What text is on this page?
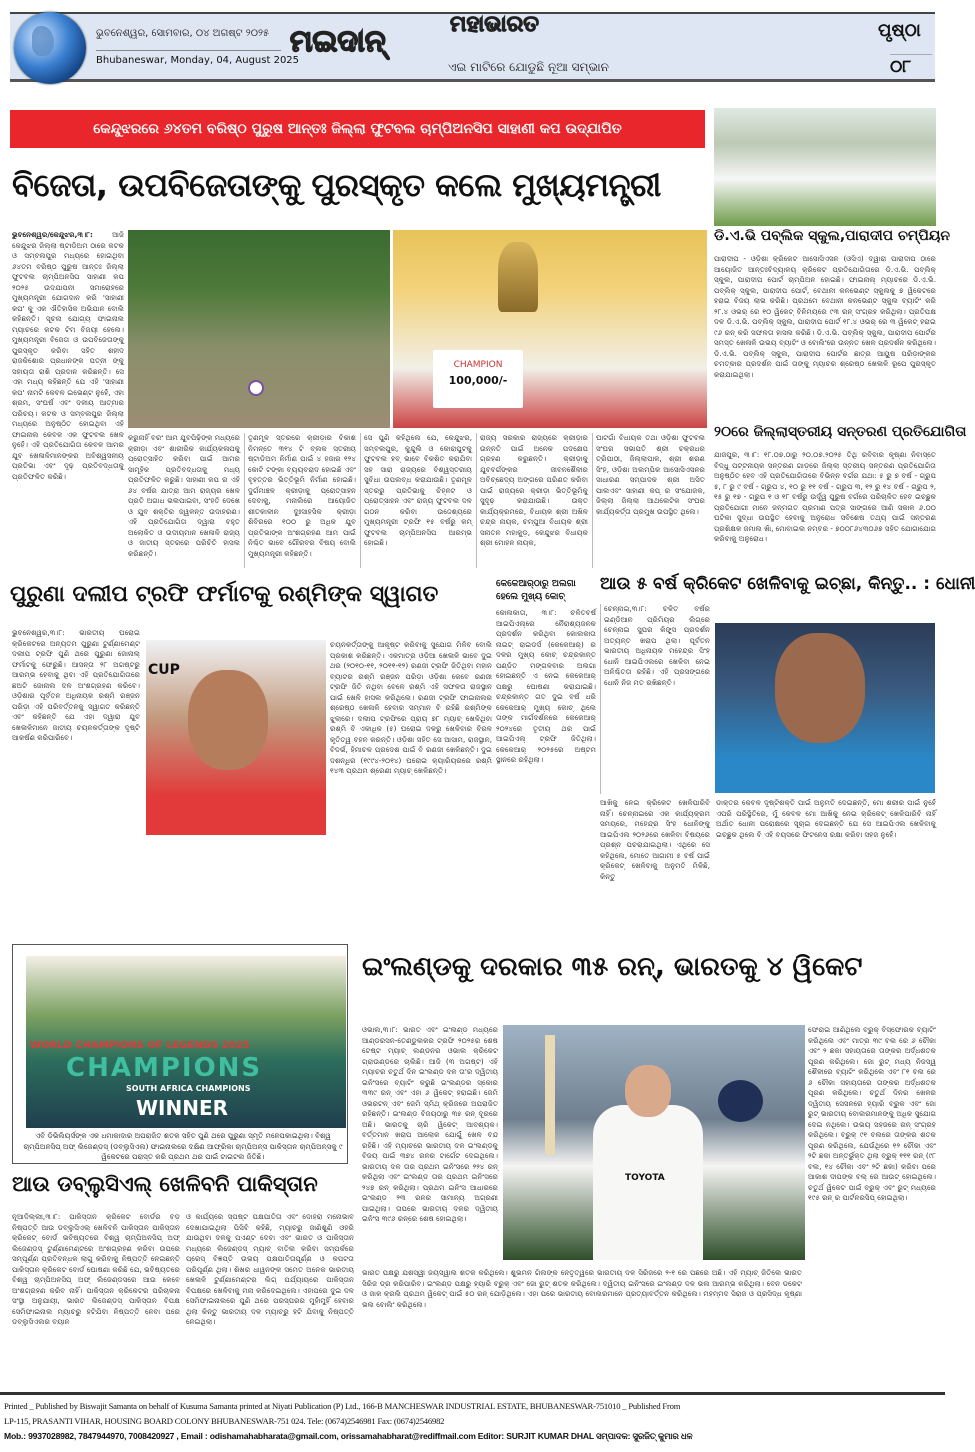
ଭୁବନେଶ୍ୱର, ସୋମବାର, ୦୪ ଅଗଷ୍ଟ ୨୦୨୫
Bhubaneswar, Monday, 04, August 2025
ମଇଦାନ୍	ମହାଭାରତ
ଏଇ ମାଟିରେ ଯୋଡୁଛି ନୂଆ ସମ୍ଭାନ
ପୃଷ୍ଠା
୦୮
କେନ୍ଦୁଝରରେ ୬୪ତମ ବରିଷ୍ଠ ପୁରୁଷ ଆନ୍ତଃ ଜିଲ୍ଲା ଫୁଟବଲ ଚାମ୍ପିଅନସିପ ସାହାଣୀ କପ ଉଦ୍‌ଯାପିତ
ବିଜେତା, ଉପବିଜେତାଙ୍କୁ ପୁରସ୍କୃତ କଲେ ମୁଖ୍ୟମନ୍ତ୍ରୀ
ଭୁବନେଶ୍ୱର/କେନ୍ଦୁଝର,୩।୮:	ଆଜି କେନ୍ଦୁଝର ଜିଲ୍ଲା ଷ୍ଟାଡିଅମ ଠାରେ କଟକ ଓ ସମ୍ବଲପୁର ମଧ୍ୟରେ ହୋଇଥିବା ୬୪ତମ ବରିଷ୍ଠ ପୁରୁଷ ଆନ୍ତଃ ଜିଲ୍ଲା ଫୁଟବଲ ଚାମ୍ପିଅନସିପ ସାହାଣୀ କପ ୨୦୨୫ ଉଦଯାପନୀ ସମାରୋହରେ ମୁଖ୍ୟମନ୍ତ୍ରୀ ଯୋଗଦାନ କରି 'ସାହାଣୀ କପ' କୁ ଏକ ଐତିହାସିକ ଅଭିଯାନ ବୋଲି କହିଛନ୍ତି। ସୂଚନା ଯୋଗ୍ୟ ଫାଇନାଲ ମ୍ୟାଚରେ କଟକ ଟିମ ବିଜୟୀ ହେଲେ। ମୁଖ୍ୟମନ୍ତ୍ରୀ ବିଜେତା ଓ ଉପବିଜେତାଙ୍କୁ ପୁରସ୍କୃତ କରିବା ସହିତ ଶହୀଦ ରାଜକିଶୋର ପ୍ରଧାନଙ୍କ ପତ୍ନୀ ଙ୍କୁ ସହାୟତା ରାଶି ପ୍ରଦାନ କରିଛନ୍ତି। ସେ ଏହା ମଧ୍ୟ କହିଛନ୍ତି ଯେ ଏହି 'ସାହାଣୀ କପ' ନାମଟି କେବଳ ଇଭେଣ୍ଟ ନୁହେଁ, ଏହା ଶ୍ରମ, ସଂଘର୍ଷ ଏବଂ ଦଳୀୟ ଆତ୍ମାର ପରିଚୟ। କଟକ ଓ ସମ୍ବଲପୁର ଜିଲ୍ଲା ମଧ୍ୟରେ ଅନୁଷ୍ଠିତ ହୋଇଥିବା ଏହି ଫାଇନାଲ କେବଳ ଏକ ଫୁଟବଲ ଖେଳ ନୁହେଁ। ଏହି ପ୍ରତିଯୋଗିତା କେବଳ ଆମର ଯୁବ ଖେଳାଳିମାନଙ୍କର ଅବିଶ୍ୱସନୀୟ ପ୍ରତିଭା ଏବଂ ଦୃଢ଼ ପ୍ରତିବଦ୍ଧତାକୁ ପ୍ରତିଫଳିତ କରିଛି।
CHAMPION
100,000/-
କରୁନାହିଁ ବରଂ ଆମ ଯୁବପିଢ଼ିଙ୍କ ମଧ୍ୟରେ କ୍ରୀଡ଼ା ଏବଂ ଶାରୀରିକ କାର୍ଯ୍ୟକଳାପକୁ ପ୍ରୋତ୍ସାହିତ କରିବା ପାଇଁ ଆମର ସାମୂହିକ ପ୍ରତିବଦ୍ଧତାକୁ ମଧ୍ୟ ପ୍ରତିଫଳିତ କରୁଛି। ସାହାଣୀ କପ ର ଏହି ୬୪ ବର୍ଷର ଯାତ୍ରା ଆମ ରାଜ୍ୟର ଖେଳ ପ୍ରତି ଅଗାଧ ଭଲପାଇବା, ସଂହତି ଦେଖେ ଓ ଯୁବ ଶକ୍ତିର ଜ୍ୱଳନ୍ତ ଉଦାହରଣ। ଏହି ପ୍ରତିଯୋଗିତା ଦ୍ୱାରା ବହୁତ ଅଲୋକିତ ଓ ଉଦୀୟମାନ ଖେଳାଳି ରାଜ୍ୟ ଓ ଜାତୀୟ ସ୍ତରରେ ପରିଚିତି ହାସଲ କରିଛନ୍ତି।
ତୃଣମୂଳ ସ୍ତରରେ କ୍ରୀଡ଼ାର ବିକାଶ ନିମନ୍ତେ ୩୧୪ ଟି ବ୍ଲକ ସ୍ତରୀୟ ଷ୍ଟାଡିଅମ ନିର୍ମାଣ ପାଇଁ ୪ ହଜାର ୧୨୪ କୋଟି ଟଙ୍କା ବ୍ୟୟବରାଦ ହୋଇଛି ଏବଂ ବୃହତ୍ତର ଭିତ୍ତିଭୂମି ନିର୍ମାଣ ହୋଇଛି। ଦୁର୍ଗମାଞ୍ଚଳ କ୍ରୀଡ଼ାକୁ ପ୍ରୋତ୍ସାହନ ଦେବାକୁ, ମନାଲିରେ ଆୟୋଜିତ ଶୀତକାଳୀନ ଦୁଃସାହସିକ କ୍ରୀଡ଼ା ଶିବିରରେ ୧୦୦ ରୁ ଅଧିକ ଯୁବ ପ୍ରତିଭାଙ୍କ ଅଂଶଗ୍ରହଣ ଆମ ପାଇଁ ନିଶ୍ଚିତ ଭାବେ ଗୌରବର ବିଷୟ ବୋଲି ମୁଖ୍ୟମନ୍ତ୍ରୀ କହିଛନ୍ତି।
ସେ ପୁଣି କହିଥିଲେ ଯେ, କେନ୍ଦୁଝର, ସମ୍ବଲପୁର, କୁନ୍ଦୁଲି ଓ କୋରାପୁଟକୁ ଫୁଟବଲ ହବ୍ ଭାବେ ବିକଶିତ କରାଯିବା ସହ ସାରା ରାଜ୍ୟରେ ବିଶ୍ୱସ୍ତରୀୟ ସୁବିଧା ଉପଲବ୍ଧ କରାଯାଉଛି। ତୃଣମୂଳ ସ୍ତରରୁ ପ୍ରତିଭାକୁ ଚିହ୍ନଟ ଓ ପ୍ରୋତ୍ସାହନ ଏବଂ ରାଜ୍ୟ ଫୁଟବଲ ଦଳ ଗଠନ କରିବା ଉଦ୍ଦେଶ୍ୟରେ ମୁଖ୍ୟମନ୍ତ୍ରୀ ଟ୍ରଫି ୧୫ ବର୍ଷରୁ କମ୍ ଫୁଟବଲ ଚାମ୍ପିଅନସିପ ଆରମ୍ଭ ହୋଇଛି।
ରାଜ୍ୟ ସରକାର ରାଜ୍ୟରେ କ୍ରୀଡ଼ାର ଉନ୍ନତି ପାଇଁ ଅନେକ ପଦକ୍ଷେପ ଗ୍ରହଣ କରୁଛନ୍ତି। କ୍ରୀଡ଼ାକୁ ଯୁବବର୍ଗଙ୍କର ଜୀବନଶୈଳୀର ଅବିଚ୍ଛେଦ୍ୟ ଅଙ୍ଗରେ ପରିଣତ କରିବା ପାଇଁ ରାଜ୍ୟରେ କ୍ରୀଡ଼ା ଭିତ୍ତିଭୂମିକୁ ସୁଦୃଢ଼ କରାଯାଉଛି। ଉକ୍ତ କାର୍ଯ୍ୟକ୍ରମରେ, ବିଧାୟକ ଶ୍ରୀ ଅଖିଳ ଚନ୍ଦ୍ର ନାୟକ, ଚମ୍ପୁଆ ବିଧାୟକ ଶ୍ରୀ ସନାତନ ମହାକୁଡ଼, କେନ୍ଦୁଝର ବିଧାୟକ ଶ୍ରୀ ମୋହନ ନାୟକ,
ଘାଟଗାଁ ବିଧାୟକ ତଥା ଓଡ଼ିଶା ଫୁଟବଲ ସଂଘର ସଭାପତି ଶ୍ରୀ ଚକ୍ରଧର ତ୍ରିପାଠୀ, ଜିଲ୍ଲାପାଳ, ଶ୍ରୀ ଶରଣ ସିଂହ, ଓଡ଼ିଶା ଅଲମ୍ପିକ ଆସୋସିଏସନର ସାଧାରଣ ସମ୍ପାଦକ ଶ୍ରୀ ଅସିତ ପାଲଏବଂ ସାହାଣୀ କପ୍ ର ସଂଯୋଜକ, ଜିଲ୍ଲା ଜିଲ୍ଲା ଆଥଲେଟିକ ସଂଘର କାର୍ଯ୍ୟକର୍ତ୍ତା ପ୍ରମୁଖ ଉପସ୍ଥିତ ଥିଲେ।
ଡି.ଏ.ଭି ପବ୍ଲିକ ସ୍କୁଲ,ପାରାଦୀପ ଚମ୍ପିୟନ
ପାରାଦୀପ - ଓଡ଼ିଶା କ୍ରିକେଟ ଆସୋସିଏସନ (ଓସିଏ) ଦ୍ୱାରା ପାରାଦୀପ ଠାରେ ଆୟୋଜିତ ଆନ୍ତଃବିଦ୍ୟାଳୟ କ୍ରିକେଟ ପ୍ରତିଯୋଗିତାରେ ଡି.ଏ.ଭି. ପବ୍ଲିକ୍ ସ୍କୁଲ, ପାରାଦୀପ ପୋର୍ଟ ଚାମ୍ପିଅନ ହୋଇଛି। ଫାଇନାଲ୍ ମ୍ୟାଚରେ ଡି.ଏ.ଭି. ପବ୍ଲିକ୍ ସ୍କୁଲ, ପାରାଦୀପ ପୋର୍ଟ, ବେଥାନୀ କନଭେଣ୍ଟ ସ୍କୁଲକୁ ୭ ୱିକେଟରେ ହରାଇ ବିଜୟ ଲାଭ କରିଛି। ପ୍ରଥମେ ବେଥାନୀ କନଭେଣ୍ଟ ସ୍କୁଲ ବ୍ୟାଟିଂ କରି ୨୮.୪ ଓଭର୍ ରେ ୧୦ ୱିକେଟ୍ ବିନିମୟରେ ୯୩ ରନ୍ ସଂଗ୍ରହ କରିଥିଲା। ପ୍ରତିପକ୍ଷ ଦଳ ଡି.ଏ.ଭି. ପବ୍ଲିକ୍ ସ୍କୁଲ, ପାରାଦୀପ ପୋର୍ଟ ୧୮.୪ ଓଭର୍ ରେ ୩ ୱିକେଟ୍ ହରାଇ ୯୬ ରନ୍ କରି ସଫଳତା ହାସଲ କରିଛି। ଡି.ଏ.ଭି. ପବ୍ଲିକ୍ ସ୍କୁଲ, ପାରାଦୀପ ପୋର୍ଟର ସମସ୍ତ ଖେଳାଳି ଉଭୟ ବ୍ୟାଟିଂ ଓ ବୋଲିଂରେ ଉନ୍ନତ ଖେଳ ପ୍ରଦର୍ଶନ କରିଥିଲେ। ଡି.ଏ.ଭି. ପବ୍ଲିକ୍ ସ୍କୁଲ, ପାରାଦୀପ ପୋର୍ଟର ଛାତ୍ର ଆୟୁଷ ପରିଡ଼ାଙ୍କର ଚମତ୍କାର ପ୍ରଦର୍ଶନ ପାଇଁ ତାଙ୍କୁ ମ୍ୟାଚର ଶ୍ରେଷ୍ଠ ଖେଳାଳି ରୂପେ ପୁରସ୍କୃତ କରାଯାଇଥିଲା।
୨୦ରେ ଜିଲ୍ଲାସ୍ତରୀୟ ସନ୍ତରଣ ପ୍ରତିଯୋଗିତା
ଯାଜପୁର, ୩।୮: ୧୮.୦୭.ଠାରୁ ୨୦.୦୭.୨୦୨୫ ତିଥି ରବିବାର କୃଷ୍ଣା ନିବାସ୍ତେ ବିଦ୍ଧୁ ପଟ୍ଟନାୟକ ସନ୍ତରଣ ଗାଡ଼ରେ ଜିଲ୍ଲା ସ୍ତରୀୟ ସନ୍ତରଣ ପ୍ରତିଯୋଗିତା ଅନୁଷ୍ଠିତ ହେବ ଏହି ପ୍ରତିଯୋଗିତାରେ ବିଭିନ୍ନ ବର୍ଗର ଯଥା: ୫ ରୁ ୭ ବର୍ଷ - ଗ୍ରୁପ ୫, ୮ ରୁ ୯ ବର୍ଷ - ଗ୍ରୁପ ୪, ୧୦ ରୁ ୧୧ ବର୍ଷ - ଗ୍ରୁପ ୩, ୧୨ ରୁ ୧୪ ବର୍ଷ - ଗ୍ରୁପ ୨, ୧୫ ରୁ ୧୭ - ଗ୍ରୁପ ୧ ଓ ୧୮ ବର୍ଷରୁ ଉର୍ଦ୍ଧ୍ୱ ପୁରୁଷ ବର୍ଗରେ ପରିଚାଳିତ ହେବ ଇଚ୍ଛୁକ ପ୍ରତିଯୋଗୀ ମାନେ ଜନ୍ମଗତ ପ୍ରମାଣ ପତ୍ର ସାଙ୍ଗରେ ଆଣି ସକାଳ ୬.୦୦ ଘଟିକା ସୁଦ୍ଧା ଉପସ୍ଥିତ ହେବାକୁ ଅନୁରୋଧ ସବିଶେଷ ତଥ୍ୟ ପାଇଁ ସନ୍ତରଣ ପ୍ରଶିକ୍ଷକ ଜମାଲ ଖାଁ, ମୋବାଇଲ ନମ୍ବର - ୭୦୦୮୬୪୩୦୬୭ ସହିତ ଯୋଗାଯୋଗ କରିବାକୁ ଅନୁରୋଧ।
ପୁରୁଣା ଦଲୀପ ଟ୍ରଫି ଫର୍ମାଟକୁ ରଶ୍ମିଙ୍କ ସ୍ୱାଗତ
ଭୁବନେଶ୍ୱର,୩।୮: ଭାରତୀୟ ଘରୋଇ କ୍ରିକେଟରେ ଅନ୍ୟତମ ପୁରୁଣା ଟୁର୍ଣ୍ଣାମେଣ୍ଟ ଦଲୀପ ଟ୍ରଫି ପୁଣି ଥରେ ପୁରୁଣା ଜୋନାଲ୍ ଫର୍ମାଟକୁ ଫେରୁଛି। ଆସନ୍ତା ୨୮ ଅଗଷ୍ଟରୁ ଆରମ୍ଭ ହେବାକୁ ଥିବା ଏହି ପ୍ରତିଯୋଗିତାରେ ଛଅଟି ଜୋନାଲ ଦଳ ଅଂଶଗ୍ରହଣ କରିବେ। ଓଡ଼ିଶାର ପୂର୍ବତନ ଅଧିନାୟକ ରଶ୍ମି ରଞ୍ଜନ ପରିଡ଼ା ଏହି ପରିବର୍ତ୍ତନକୁ ସ୍ୱାଗତ କରିଛନ୍ତି ଏବଂ କହିଛନ୍ତି ଯେ ଏହା ଦ୍ୱାରା ଯୁବ ଖେଳାଳିମାନେ ଜାତୀୟ ଚୟନକର୍ତ୍ତାଙ୍କ ଦୃଷ୍ଟି ଆକର୍ଷଣ କରିପାରିବେ।
CUP
ଚୟନକର୍ତ୍ତାଙ୍କୁ ଆକୃଷ୍ଟ କରିବାକୁ ସୁଯୋଗ ମିଳିବ ବୋଲି ପ୍ରକାଶ କରିଛନ୍ତି। ଏକମାତ୍ର ଓଡ଼ିଆ ଖେଳାଳି ଭାବେ ଦୁଇ ଥର (୨୦୧୦-୧୧, ୨୦୧୧-୧୨) ରଣଜୀ ଟ୍ରଫି ଜିତିଥିବା ମହାନ ବ୍ୟାଟର ରଶ୍ମି ରଞ୍ଜନ ପରିଡ଼ା ଓଡ଼ିଶା କେବେ ରଣଜୀ ଟ୍ରଫି ଜିତି ନଥିବା ବେଳେ ରଶ୍ମି ଏହି ସଫଳତା ରାଜସ୍ଥାନ ପାଇଁ ଖେଳି ହାସଲ କରିଥିଲେ। ରଣଜୀ ଟ୍ରଫି ଫାଇନାଲର ଶ୍ରେଷ୍ଠ ଖେଳାଳି ହେବାର ସମ୍ମାନ ବି ରହିଛି ରଶ୍ମିଙ୍କ ଝୁଲାରେ। ଦଲୀପ ଟ୍ରଫିରେ ପ୍ରାୟ ୭୮ ମ୍ୟାଚ୍ ଖେଳିଥିବା ରଶ୍ମି ବି ଏକାଧିକ (୫) ଘରୋଇ ଦଳରୁ ଖେଳିବାର ବିରଳ କୃତିତ୍ୱ ବହନ କରନ୍ତି। ଓଡ଼ିଶା ସହିତ ସେ ଆସାମ, ରାଜସ୍ଥାନ, ବିଦର୍ଭ, ହିମାଚଳ ପ୍ରଦେଶ ପାଇଁ ବି ରଣଜୀ ଖେଳିଛନ୍ତି। ଦୁଇ ଦଶନ୍ଧିର (୧୯୯୪-୨୦୧୪) ଘରୋଇ କ୍ୟାରିୟରରେ ରଶ୍ମି ୧୪୩ ପ୍ରଥମ ଶ୍ରେଣୀ ମ୍ୟାଚ୍ ଖେଳିଛନ୍ତି।
କେକେଆର୍‌ଠାରୁ ଅଲଗା
ହେଲେ ମୁଖ୍ୟ କୋଚ୍
କୋଲକାତା, ୩।୮: ଚଳିତବର୍ଷ ଆଇପିଏଲ୍‌ରେ ନୈରାଶ୍ୟଜନକ ପ୍ରଦର୍ଶନ କରିଥିବା କୋଲକାତା ନାଇଟ୍ ରାଇଡର୍ସ (କେକେଆର୍) ର ଦଳର ମୁଖ୍ୟ କୋଚ୍ ଚନ୍ଦ୍ରକାନ୍ତ ପଣ୍ଡିତ ମଙ୍ଗଳବାର ଅଲଗା ହୋଇଛନ୍ତି ଏ ନେଇ କେକେଆର୍ ପକ୍ଷରୁ ଘୋଷଣା କରାଯାଇଛି। ଚନ୍ଦ୍ରକାନ୍ତ ଗତ ଦୁଇ ବର୍ଷ ଧରି କେକେଆର୍ ମୁଖ୍ୟ କୋଚ୍ ଥିଲେ ତାଙ୍କ ମାର୍ଗଦର୍ଶନରେ କେକେଆର୍ ୨୦୨୪ରେ ତୃତୀୟ ଥର ପାଇଁ ଆଇପିଏଲ୍ ଟ୍ରଫି ଜିତିଥିଲା। କେକେଆର୍ ୨୦୨୫ରେ ଅଷ୍ଟମ ସ୍ଥାନରେ ରହିଥିଲା।
ଆଉ ୫ ବର୍ଷ କ୍ରିକେଟ ଖେଳିବାକୁ ଇଚ୍ଛା, କିନ୍ତୁ.. : ଧୋନୀ
ଚେନ୍ନାଇ,୩।୮: ଚଳିତ ବର୍ଷର ଇଣ୍ଡିଆନ ପ୍ରିମିୟର ଲିଗ୍‌ରେ ଚେନ୍ନାଇ ସୁପର କିଙ୍ଗ୍ସ ପ୍ରଦର୍ଶନ ଅତ୍ୟନ୍ତ ଖରାପ ଥିଲା। ପୂର୍ବତନ ଭାରତୀୟ ଅଧିନାୟକ ମହେନ୍ଦ୍ର ସିଂହ ଧୋନି ଆଇପିଏଲରେ ଖେଳିବା ନେଇ ଅନିଶ୍ଚିତତା ରହିଛି। ଏହି ପ୍ରସଙ୍ଗରେ ଧୋନି ନିଜ ମତ ରଖିଛନ୍ତି।
ଆଖିକୁ ନେଇ କ୍ରିକେଟ ଖେଳିପାରିବି ନାହିଁ। ଚେନ୍ନାଇରେ ଏକ କାର୍ଯ୍ୟକ୍ରମ ସମୟରେ, ମହେନ୍ଦ୍ର ସିଂହ ଧୋନିଙ୍କୁ ଆଇପିଏଲ ୨୦୨୬ରେ ଖେଳିବା ବିଷୟରେ ପ୍ରଶ୍ନ ପଚରାଯାଇଥିଲା। ଏଥିରେ ସେ କହିଥିଲେ, ମୋତେ ଆଗାମୀ ୫ ବର୍ଷ ପାଇଁ କ୍ରିକେଟ୍ ଖେଳିବାକୁ ଅନୁମତି ମିଳିଛି, କିନ୍ତୁ
ଡାକ୍ତର କେବଳ ଦୃଷ୍ଟିଶକ୍ତି ପାଇଁ ଅନୁମତି ଦେଇଛନ୍ତି, ମୋ ଶରୀର ପାଇଁ ନୁହେଁ ଏପରି ପରିସ୍ଥିତିରେ, ମୁଁ କେବଳ ମୋ ଆଖିକୁ ନେଇ କ୍ରିକେଟ୍ ଖେଳିପାରିବି ନାହିଁ ଅର୍ଥାତ ଧୋନୀ ପରୋକ୍ଷରେ ସୂଚାଇ ଦେଇଛନ୍ତି ଯେ ସେ ଆଇପିଏଲ ଖେଳିବାକୁ ଇଚ୍ଛୁକ ଥିଲେ ବି ଏହି ବୟସରେ ଫିଟନେସ ରକ୍ଷା କରିବା ସହଜ ନୁହେଁ।
WORLD CHAMPIONS OF LEGENDS 2025
CHAMPIONS
SOUTH AFRICA CHAMPIONS
WINNER
ଏବି ଡିଭିଲିୟର୍ସଙ୍କ ଏକ ଧମାକାଦାର ଅପରାଜିତ ଶତକ ସହିତ ପୁଣି ଥରେ ପୁରୁଣା ସ୍ମୃତି ମନେପକାଇଥିଲା। ବିଶ୍ୱ ଚାମ୍ପିଅନସିପ୍ ଅଫ୍ ଲିଜେଣ୍ଡସ୍ (ଡବ୍ଲୁସିଏଲ) ଫାଇନାଲରେ ଦକ୍ଷିଣ ଆଫ୍ରିକା ଚାମ୍ପିଅନ୍ସ ପାକିସ୍ତାନ ଚାମ୍ପିଅନ୍ସକୁ ୯ ୱିକେଟରେ ପରାସ୍ତ କରି ପ୍ରଥମ ଥର ପାଇଁ ଟାଇଟଲ ଜିତିଛି।
ଆଉ ଡବ୍ଲୁସିଏଲ୍ ଖେଳିବନି ପାକିସ୍ତାନ
ନୂଆଦିଲ୍ଲୀ,୩।୮: ପାକିସ୍ତାନ କ୍ରିକେଟ ବୋର୍ଡର ବଡ଼ ନିଷ୍ପତ୍ତି ଆଉ ଡବ୍ଲୁସିଏଲ୍ ଖେଳିବନି ପାକିସ୍ତାନ ପାକିସ୍ତାନ କ୍ରିକେଟ୍ ବୋର୍ଡ ଭବିଷ୍ୟତରେ ବିଶ୍ୱ ଚାମ୍ପିଅନସିପ୍ ଅଫ୍ ଲିଜେଣ୍ଡସ୍ ଟୁର୍ଣ୍ଣାମେଣ୍ଟରେ ଅଂଶଗ୍ରହଣ କରିବା ଉପରେ ସମ୍ପୂର୍ଣ୍ଣ ପ୍ରତିବନ୍ଧକ ଲାଗୁ କରିବାକୁ ନିଷ୍ପତ୍ତି ନେଇଛନ୍ତି ପାକିସ୍ତାନ କ୍ରିକେଟ ବୋର୍ଡ ଘୋଷଣା କରିଛି ଯେ, ଭବିଷ୍ୟତରେ ବିଶ୍ୱ ଚାମ୍ପିଅନସିପ୍ ଅଫ୍ ଲିଜେଣ୍ଡସରେ ଆଉ କେବେ ଅଂଶଗ୍ରହଣ କରିବ ନାହିଁ। ପାକିସ୍ତାନ କ୍ରିକେଟର ପରିଚାଳନା ସଂସ୍ଥା ଅନୁଯାୟୀ, ଭାରତ ଲିଜେଣ୍ଡସ୍ ପାକିସ୍ତାନ ବିପକ୍ଷ ସେମିଫାଇନାଲ ମ୍ୟାଚରୁ ହଟିଯିବା ନିଷ୍ପତ୍ତି ନେବା ପରେ ଡବ୍ଲୁସିଏଲର ବୟାନ
ଓ କାର୍ଯ୍ୟରେ ସ୍ପଷ୍ଟ ପକ୍ଷପାତିତା ଏବଂ ଦୋହରା ମନୋଭାବ ଦେଖାଯାଇଥିଲା ପିସିବି କହିଛି, ମ୍ୟାଚରୁ ଜାଣିଶୁଣି ଓହରି ଯାଉଥିବା ଦଳକୁ ପଏଣ୍ଟ ଦେବା ଏବଂ ଭାରତ ଓ ପାକିସ୍ତାନ ମଧ୍ୟରେ ଲିଜେଣ୍ଡସ୍ ମ୍ୟାଚ୍ ବାତିଲ କରିବା ସମ୍ପର୍କରେ ପ୍ରେସ୍ ବିଜ୍ଞପ୍ତି ଉଭୟ ପକ୍ଷପାତିତାପୂର୍ଣ୍ଣ ଓ କପଟତା ପରିପୂର୍ଣ୍ଣ ଥିଲା। ଶିଖର ଧାୱନଙ୍କ ସମେତ ଅନେକ ଭାରତୀୟ ଖେଳାଳି ଟୁର୍ଣ୍ଣାମେଣ୍ଟର ଲିଗ୍ ପର୍ଯ୍ୟାୟରେ ପାକିସ୍ତାନ ବିପକ୍ଷରେ ଖେଳିବାକୁ ମନା କରିଦେଇଥିଲେ। ଏହାପରେ ଦୁଇ ଦଳ ସେମିଫାଇନାଲରେ ପୁଣି ଥରେ ପରସ୍ପରର ମୁହାଁମୁହିଁ ହେବାର ଥିଲା କିନ୍ତୁ ଭାରତୀୟ ଦଳ ମ୍ୟାଚ୍‌ରୁ ହଟି ଯିବାକୁ ନିଷ୍ପତ୍ତି ନେଇଥିଲା।
ଇଂଲଣ୍ଡକୁ ଦରକାର ୩୫ ରନ୍, ଭାରତକୁ ୪ ୱିକେଟ
ଓଭାଲ,୩।୮: ଭାରତ ଏବଂ ଇଂଲଣ୍ଡ ମଧ୍ୟରେ ଆଣ୍ଡରସନ-ତେଣ୍ଡୁଲକର ଟ୍ରଫି ୨୦୨୫ର ଶେଷ ଟେଷ୍ଟ ମ୍ୟାଚ୍ ଲଣ୍ଡନର ଓଭାଲ କ୍ରିକେଟ ଗ୍ରାଉଣ୍ଡରେ ଚାଲିଛି। ଆଜି (୩ ଅଗଷ୍ଟ) ଏହି ମ୍ୟାଚର ଚତୁର୍ଥ ଦିନ ଇଂଲଣ୍ଡ ଦଳ ତା'ର ଦ୍ୱିତୀୟ ଇନିଂସରେ ବ୍ୟାଟିଂ କରୁଛି ଇଂଲଣ୍ଡର ସ୍କୋର ୩୩୯ ରନ୍ ଏବଂ ଏହା ୬ ୱିକେଟ୍ ହରାଇଛି। ଜେମି ଓଭରଟନ୍ ଏବଂ ଜେମି ସ୍ମିଥ୍ କ୍ରିଜରେ ଅପରାଜିତ ରହିଛନ୍ତି। ଇଂଲଣ୍ଡ ବିଜୟଠାରୁ ୩୫ ରନ୍ ଦୂରରେ ଅଛି। ଭାରତକୁ ଚାରି ୱିକେଟ୍ ଆବଶ୍ୟକ। ବର୍ତ୍ତମାନ ଖରାପ ଆଲୋକ ଯୋଗୁଁ ଖେଳ ବନ୍ଦ ରହିଛି। ଏହି ମ୍ୟାଚରେ ଭାରତୀୟ ଦଳ ଇଂଲଣ୍ଡକୁ ବିଜୟ ପାଇଁ ୩୭୪ ରନର ଟାର୍ଗେଟ ଦେଇଥିଲେ। ଭାରତୀୟ ଦଳ ତାର ପ୍ରଥମ ଇନିଂସରେ ୨୨୪ ରନ୍ କରିଥିଲା ଏବଂ ଇଂଲଣ୍ଡ ତାର ପ୍ରଥମ ଇନିଂସରେ ୨୪୭ ରନ୍ କରିଥିଲା। ପ୍ରଥମ ଇନିଂସ ଆଧାରରେ ଇଂଲଣ୍ଡ ୨୩ ରନର ସାମାନ୍ୟ ଅଗ୍ରଣୀ ପାଇଥିଲା। ତାପରେ ଭାରତୀୟ ଦଳର ଦ୍ୱିତୀୟ ଇନିଂସ ୩୯୬ ରନ୍‌ରେ ଶେଷ ହୋଇଥିଲା।
TOYOTA
ଭାରତ ପକ୍ଷରୁ ଯଶସ୍ୱୀ ଜୟସ୍ୱାଲ ଶତକ କରିଥିଲେ। ଶୁଭମନ ଗିଲଙ୍କ ନେତୃତ୍ୱରେ ଭାରତୀୟ ଦଳ ସିରିଜରେ ୨-୧ ରେ ପଛରେ ଅଛି। ଏହି ମ୍ୟାଚ୍ ଜିତିଲେ ଭାରତ ସିରିଜ ଡ୍ର କରିପାରିବ। ଇଂଲଣ୍ଡ ପକ୍ଷରୁ ହ୍ୟାରି ବ୍ରୁକ୍ ଏବଂ ଜୋ ରୁଟ୍ ଶତକ କରିଥିଲେ। ଦ୍ୱିତୀୟ ଇନିଂସରେ ଇଂଲଣ୍ଡ ଦଳ ଭଲ ଆରମ୍ଭ କରିଥିଲା। ବେନ ଡକେଟ ଓ ଜାକ କ୍ରଲି ପ୍ରଥମ ୱିକେଟ୍ ପାଇଁ ୫୦ ରନ୍ ଯୋଡ଼ିଥିଲେ। ଏହା ପରେ ଭାରତୀୟ ବୋଲରମାନେ ପ୍ରତ୍ୟାବର୍ତ୍ତନ କରିଥିଲେ। ମହମ୍ମଦ ସିରାଜ ଓ ପ୍ରସିଦ୍ଧ କୃଷ୍ଣା ଭଲ ବୋଲିଂ କରିଥିଲେ।
ଫେରାଇ ଆଣିଥିଲେ ବ୍ରୁକ୍ ବିସ୍ଫୋରକ ବ୍ୟାଟିଂ କରିଥିଲେ ଏବଂ ମାତ୍ର ୩୯ ବଲ ରେ ୬ ଚୌକା ଏବଂ ୨ ଛକା ସହାୟତାରେ ତାଙ୍କର ଅର୍ଦ୍ଧଶତକ ପୂରଣ କରିଥିଲେ। ଜୋ ରୁଟ୍ ମଧ୍ୟ ନିଜସ୍ୱ ଶୈଳୀରେ ବ୍ୟାଟିଂ କରିଥିଲେ ଏବଂ ୮୧ ବଲ ରେ ୬ ଚୌକା ସହାୟତାରେ ତାଙ୍କର ଅର୍ଦ୍ଧଶତକ ପୂରଣ କରିଥିଲେ। ଚତୁର୍ଥ ଦିନର ଖେଳର ଦ୍ୱିତୀୟ ସେସନରେ ହ୍ୟାରି ବ୍ରୁକ ଏବଂ ଜୋ ରୁଟ୍ ଭାରତୀୟ ବୋଲରମାନଙ୍କୁ ଅଧିକ ସୁଯୋଗ ଦେଇ ନଥିଲେ। ଉଭୟ ସହଜରେ ରନ୍ ସଂଗ୍ରହ କରିଥିଲେ। ବ୍ରୁକ୍ ୯୧ ବଲରେ ତାଙ୍କର ଶତକ ପୂରଣ କରିଥିଲେ, ଯେଉଁଥିରେ ୧୨ ଚୌକା ଏବଂ ୨ଟି ଛକା ଅନ୍ତର୍ଭୁକ୍ତ ଥିଲା ବ୍ରୁକ୍ ୧୧୧ ରନ୍ (୯୮ ବଲ, ୧୪ ଚୌକା ଏବଂ ୨ଟି ଛକା) କରିବା ପରେ ଆକାଶ ଦୀପଙ୍କ ବଲ୍ ରେ ଆଉଟ୍ ହୋଇଥିଲେ। ଚତୁର୍ଥ ୱିକେଟ ପାଇଁ ବ୍ରୁକ୍ ଏବଂ ରୁଟ୍ ମଧ୍ୟରେ ୧୯୫ ରନ୍ ର ପାର୍ଟନରସିପ୍ ହୋଇଥିଲା।
Printed _ Published by Biswajit Samanta on behalf of Kusuma Samanta printed at Niyati Publication (P) Ltd., 166-B MANCHESWAR INDUSTRIAL ESTATE, BHUBANESWAR-751010 _ Published From
LP-115, PRASANTI VIHAR, HOUSING BOARD COLONY BHUBANESWAR-751 024. Tele: (0674)2546981 Fax: (0674)2546982
Mob.: 9937028982, 7847944970, 7008420927 , Email : odishamahabharata@gmail.com, orissamahabharat@rediffmail.com Editor: SURJIT KUMAR DHAL ସମ୍ପାଦକ: ସୁରଜିତ୍ କୁମାର ଧଳ
